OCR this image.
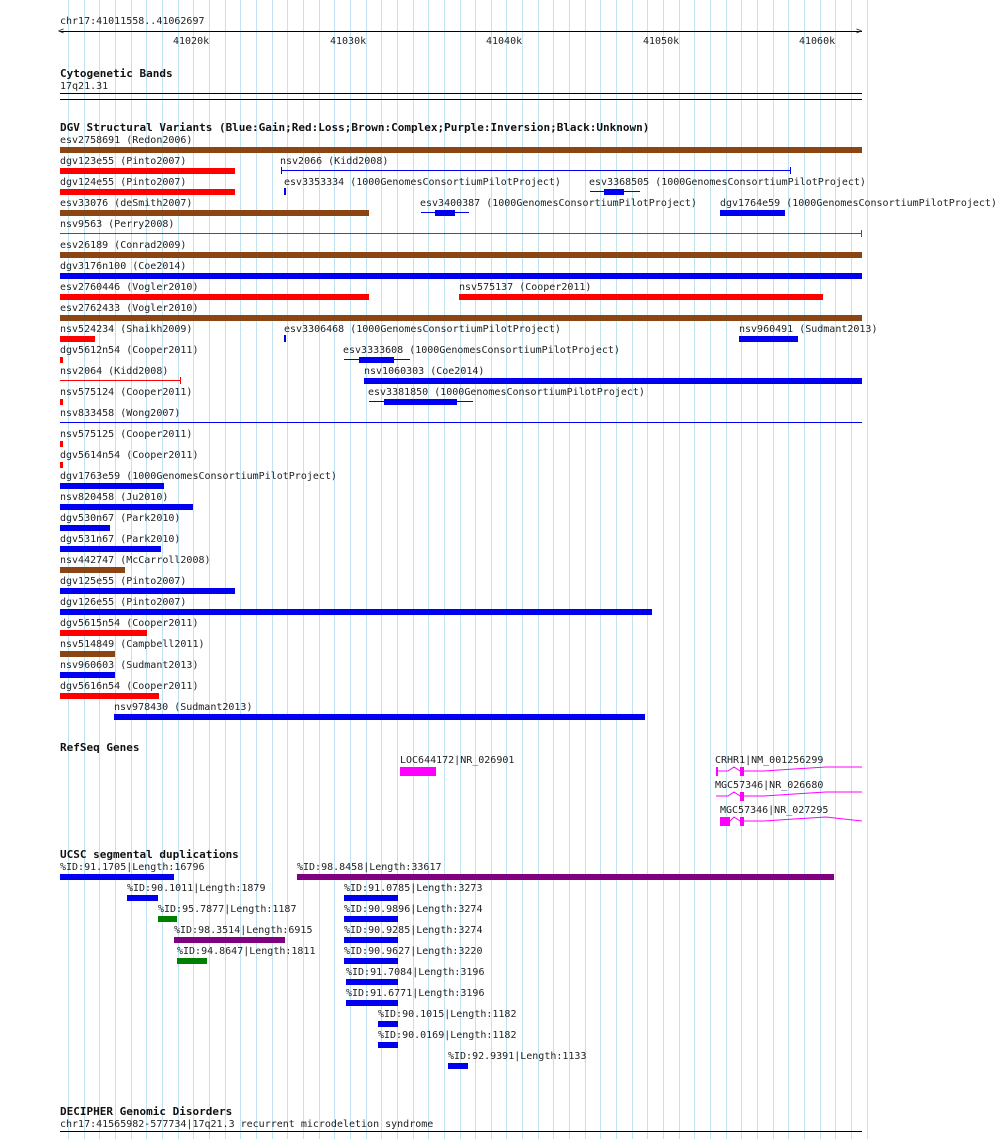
chr17:41011558..41062697
<	>
41020k	41030k	41040k	41050k	41060k
Cytogenetic Bands
17q21.31
DGV Structural Variants (Blue:Gain;Red:Loss;Brown:Complex;Purple:Inversion;Black:Unknown)
esv2758691 (Redon2006)
dgv123e55 (Pinto2007)	nsv2066 (Kidd2008)
dgv124e55 (Pinto2007)	esv3353334 (1000GenomesConsortiumPilotProject)	esv3368505 (1000GenomesConsortiumPilotProject)
esv33076 (deSmith2007)	esv3400387 (1000GenomesConsortiumPilotProject) dgv1764e59 (1000GenomesConsortiumPilotProject)
nsv9563 (Perry2008)
esv26189 (Conrad2009)
dgv3176n100 (Coe2014)
esv2760446 (Vogler2010)	nsv575137 (Cooper2011)
esv2762433 (Vogler2010)
nsv524234 (Shaikh2009)	esv3306468 (1000GenomesConsortiumPilotProject)	nsv960491 (Sudmant2013)
dgv5612n54 (Cooper2011)	esv3333608 (1000GenomesConsortiumPilotProject)
nsv2064 (Kidd2008)	nsv1060303 (Coe2014)
nsv575124 (Cooper2011)	esv3381850 (1000GenomesConsortiumPilotProject)
nsv833458 (Wong2007)
nsv575125 (Cooper2011)
dgv5614n54 (Cooper2011)
dgv1763e59 (1000GenomesConsortiumPilotProject)
nsv820458 (Ju2010)
dgv530n67 (Park2010)
dgv531n67 (Park2010)
nsv442747 (McCarroll2008)
dgv125e55 (Pinto2007)
dgv126e55 (Pinto2007)
dgv5615n54 (Cooper2011)
nsv514849 (Campbell2011)
nsv960603 (Sudmant2013)
dgv5616n54 (Cooper2011)
nsv978430 (Sudmant2013)
RefSeq Genes
LOC644172|NR_026901	CRHR1|NM_001256299
MGC57346|NR_026680
MGC57346|NR_027295
UCSC segmental duplications
%ID:91.1705|Length:16796	%ID:98.8458|Length:33617
%ID:90.1011|Length:1879	%ID:91.0785|Length:3273
%ID:95.7877|Length:1187	%ID:90.9896|Length:3274
%ID:98.3514|Length:6915	%ID:90.9285|Length:3274
%ID:94.8647|Length:1811	%ID:90.9627|Length:3220
%ID:91.7084|Length:3196
%ID:91.6771|Length:3196
%ID:90.1015|Length:1182
%ID:90.0169|Length:1182
%ID:92.9391|Length:1133
DECIPHER Genomic Disorders
chr17:41565982-577734|17q21.3 recurrent microdeletion syndrome
